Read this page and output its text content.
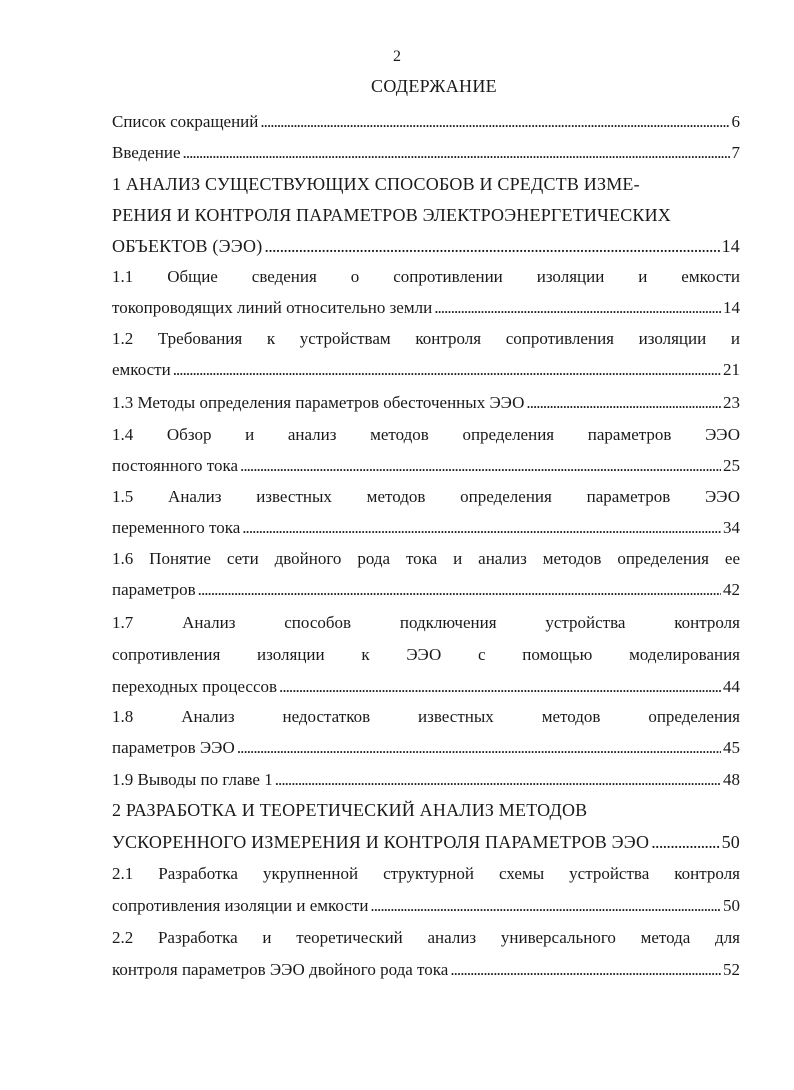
2
СОДЕРЖАНИЕ
Список сокращений . . .	6
Введение . . .	7
1 АНАЛИЗ СУЩЕСТВУЮЩИХ СПОСОБОВ И СРЕДСТВ ИЗМЕ-
РЕНИЯ И КОНТРОЛЯ ПАРАМЕТРОВ ЭЛЕКТРОЭНЕРГЕТИЧЕСКИХ
ОБЪЕКТОВ (ЭЭО) . . .	14
1.1 Общие сведения о сопротивлении изоляции и емкости
токопроводящих линий относительно земли . . .	14
1.2 Требования к устройствам контроля сопротивления изоляции и
емкости . . .	21
1.3 Методы определения параметров обесточенных ЭЭО . . .	23
1.4 Обзор и анализ методов определения параметров ЭЭО
постоянного тока . . .	25
1.5 Анализ известных методов определения параметров ЭЭО
переменного тока . . .	34
1.6 Понятие сети двойного рода тока и анализ методов определения ее
параметров . . .	42
1.7 Анализ способов подключения устройства контроля
сопротивления изоляции к ЭЭО с помощью моделирования
переходных процессов . . .	44
1.8 Анализ недостатков известных методов определения
параметров ЭЭО . . .	45
1.9 Выводы по главе 1 . . .	48
2 РАЗРАБОТКА И ТЕОРЕТИЧЕСКИЙ АНАЛИЗ МЕТОДОВ
УСКОРЕННОГО ИЗМЕРЕНИЯ И КОНТРОЛЯ ПАРАМЕТРОВ ЭЭО . . .	50
2.1 Разработка укрупненной структурной схемы устройства контроля
сопротивления изоляции и емкости . . .	50
2.2 Разработка и теоретический анализ универсального метода для
контроля параметров ЭЭО двойного рода тока . . .	52
